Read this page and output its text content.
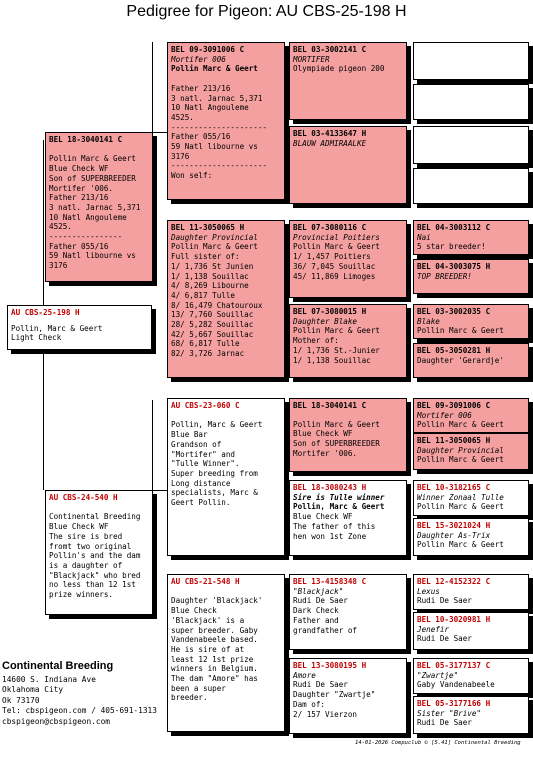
Pedigree for Pigeon: AU CBS-25-198 H
AU CBS-25-198 H
Pollin, Marc & Geert
Light Check
BEL 18-3040141 C

Pollin Marc & Geert
Blue Check WF
Son of SUPERBREEDER
Mortifer '006.
Father 213/16
3 natl. Jarnac 5,371
10 Natl Angouleme
4525.
----------------
Father 055/16
59 Natl libourne vs
3176
AU CBS-24-540 H

Continental Breeding
Blue Check WF
The sire is bred
fromt two original
Pollin's and the dam
is a daughter of
"Blackjack" who bred
no less than 12 1st
prize winners.
BEL 09-3091006 C
Mortifer 006
Pollin Marc & Geert

Father 213/16
3 natl. Jarnac 5,371
10 Natl Angouleme
4525.
---------------------
Father 055/16
59 Natl libourne vs
3176
---------------------
Won self:
BEL 11-3050065 H
Daughter Provincial
Pollin Marc & Geert
Full sister of:
1/ 1,736 St Junien
1/ 1,138 Souillac
4/ 8,269 Libourne
4/ 6,817 Tulle
8/ 16,479 Chatouroux
13/ 7,760 Souillac
28/ 5,282 Souillac
42/ 5,667 Souillac
68/ 6,817 Tulle
82/ 3,726 Jarnac
AU CBS-23-060 C

Pollin, Marc & Geert
Blue Bar
Grandson of
"Mortifer" and
"Tulle Winner".
Super breeding from
Long distance
specialists, Marc &
Geert Pollin.
AU CBS-21-548 H

Daughter 'Blackjack'
Blue Check
'Blackjack' is a
super breeder. Gaby
Vandenabeele based.
He is sire of at
least 12 1st prize
winners in Belgium.
The dam "Amore" has
been a super
breeder.
BEL 03-3002141 C
MORTIFER
Olympiade pigeon 200
BEL 03-4133647 H
BLAUW ADMIRAALKE
BEL 07-3080116 C
Provincial Poitiers
Pollin Marc & Geert
1/ 1,457 Poitiers
36/ 7,045 Souillac
45/ 11,869 Limoges
BEL 07-3080015 H
Daughter Blake
Pollin Marc & Geert
Mother of:
1/ 1,736 St.-Junier
1/ 1,138 Souillac
BEL 18-3040141 C
Pollin Marc & Geert
Blue Check WF
Son of SUPERBREEDER
Mortifer '006.
BEL 18-3080243 H
Sire is Tulle winner
Pollin, Marc & Geert
Blue Check WF
The father of this
hen won 1st Zone
BEL 13-4158348 C
"Blackjack"
Rudi De Saer
Dark Check
Father and
grandfather of
BEL 13-3080195 H
Amore
Rudi De Saer
Daughter "Zwartje"
Dam of:
2/ 157 Vierzon
BEL 04-3003112 C
Nai
5 star breeder!
BEL 04-3003075 H
TOP BREEDER!
BEL 03-3002035 C
Blake
Pollin Marc & Geert
BEL 05-3050281 H
Daughter 'Gerardje'
BEL 09-3091006 C
Mortifer 006
Pollin Marc & Geert
BEL 11-3050065 H
Daughter Provincial
Pollin Marc & Geert
BEL 10-3182165 C
Winner Zonaal Tulle
Pollin Marc & Geert
BEL 15-3021024 H
Daughter As-Trix
Pollin Marc & Geert
BEL 12-4152322 C
Lexus
Rudi De Saer
BEL 10-3020981 H
Jenefir
Rudi De Saer
BEL 05-3177137 C
"Zwartje"
Gaby Vandenabeele
BEL 05-3177166 H
Sister "Brive"
Rudi De Saer
Continental Breeding
14600 S. Indiana Ave
Oklahoma City
Ok 73170
Tel: cbspigeon.com / 405-691-1313
cbspigeon@cbspigeon.com
14-01-2026 Compuclub © [5.41] Continental Breeding
